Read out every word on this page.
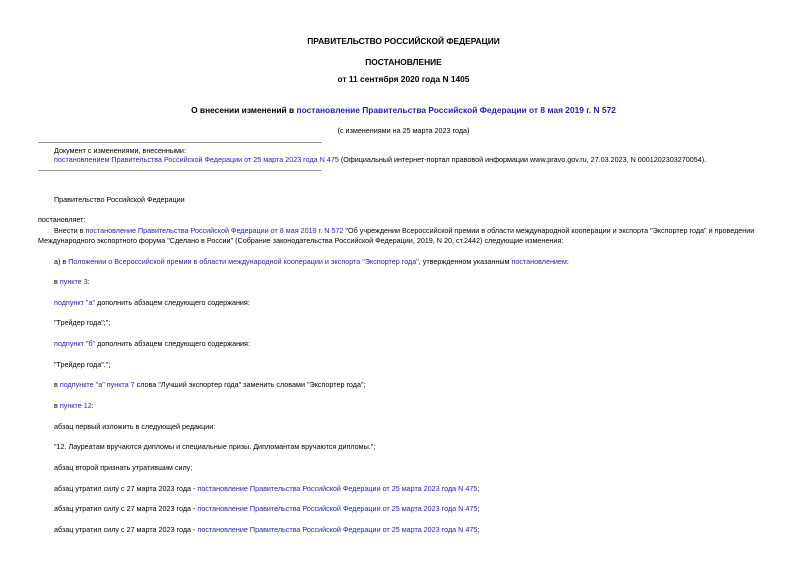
ПРАВИТЕЛЬСТВО РОССИЙСКОЙ ФЕДЕРАЦИИ
ПОСТАНОВЛЕНИЕ
от 11 сентября 2020 года N 1405
О внесении изменений в постановление Правительства Российской Федерации от 8 мая 2019 г. N 572
(с изменениями на 25 марта 2023 года)
Документ с изменениями, внесенными:
постановлением Правительства Российской Федерации от 25 марта 2023 года N 475 (Официальный интернет-портал правовой информации www.pravo.gov.ru, 27.03.2023, N 0001202303270054).
Правительство Российской Федерации
постановляет:
Внести в постановление Правительства Российской Федерации от 8 мая 2019 г. N 572 "Об учреждении Всероссийской премии в области международной кооперации и экспорта "Экспортер года" и проведении
Международного экспортного форума "Сделано в России" (Собрание законодательства Российской Федерации, 2019, N 20, ст.2442) следующие изменения:
а) в Положении о Всероссийской премии в области международной кооперации и экспорта "Экспортер года", утвержденном указанным постановлением:
в пункте 3:
подпункт "а" дополнить абзацем следующего содержания:
"Трейдер года";";
подпункт "б" дополнить абзацем следующего содержания:
"Трейдер года".";
в подпункте "а" пункта 7 слова "Лучший экспортер года" заменить словами "Экспортер года";
в пункте 12:
абзац первый изложить в следующей редакции:
"12. Лауреатам вручаются дипломы и специальные призы. Дипломантам вручаются дипломы.";
абзац второй признать утратившим силу;
абзац утратил силу с 27 марта 2023 года - постановление Правительства Российской Федерации от 25 марта 2023 года N 475;
абзац утратил силу с 27 марта 2023 года - постановление Правительства Российской Федерации от 25 марта 2023 года N 475;
абзац утратил силу с 27 марта 2023 года - постановление Правительства Российской Федерации от 25 марта 2023 года N 475;
